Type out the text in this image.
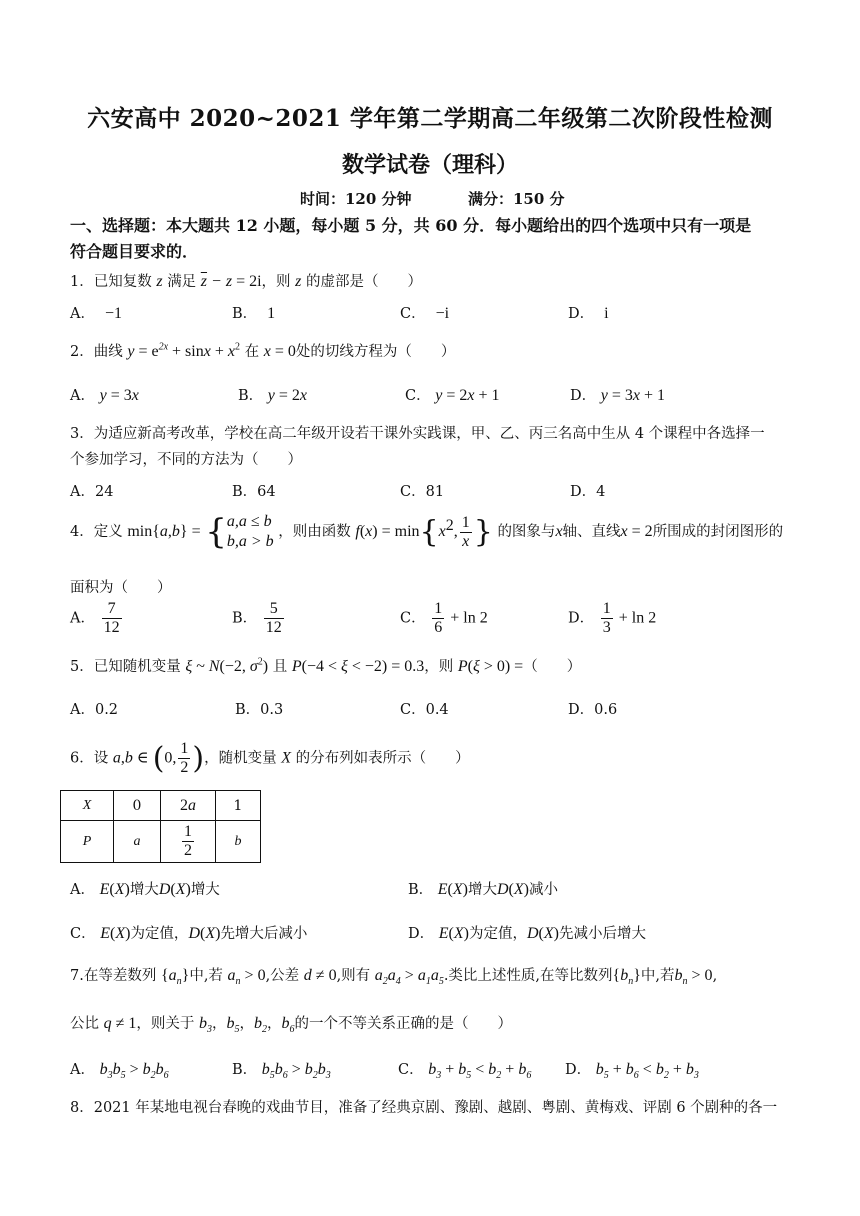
六安高中 2020~2021 学年第二学期高二年级第二次阶段性检测
数学试卷（理科）
时间：120 分钟	满分：150 分
一、选择题：本大题共 12 小题，每小题 5 分，共 60 分．每小题给出的四个选项中只有一项是
符合题目要求的．
1．已知复数 z 满足 $\overline{z} - z = 2i$，则 z 的虚部是（　　）
A． −1	B． 1	C． −i	D． i
2．曲线 $y = e^{2x} + \sin x + x^2$ 在 x = 0处的切线方程为（　　）
A． y = 3x	B． y = 2x	C． y = 2x + 1	D． y = 3x + 1
3．为适应新高考改革，学校在高二年级开设若干课外实践课，甲、乙、丙三名高中生从 4 个课程中各选择一
个参加学习，不同的方法为（　　）
A．24	B．64	C．81	D．4
4．定义 min{a,b} = {a,a ≤ b
b,a > b ，则由函数 $f(x) = \min\{x^2$, $\frac{1}{x}$ } 的图象与x轴、直线x = 2所围成的封闭图形的
面积为（　　）
A． $\frac{7}{12}$	B． $\frac{5}{12}$	C． $\frac{1}{6} + \ln 2$	D． $\frac{1}{3} + \ln 2$
5．已知随机变量 ξ ~ N(−2, $\sigma^2$) 且 P(−4 < ξ < −2) = 0.3，则 P(ξ > 0) =（　　）
A．0.2	B．0.3	C．0.4	D．0.6
6．设 a,b ∈ (0, $\frac{1}{2}$ )，随机变量 X 的分布列如表所示（　　）
X	0	2a	1
P	a	$\frac{1}{2}$	b
A． E(X)增大D(X)增大	B． E(X)增大D(X)减小
C． E(X)为定值，D(X)先增大后减小	D． E(X)为定值，D(X)先减小后增大
7.在等差数列 $\{a_n\}$中,若 $a_n > 0$,公差 d ≠ 0,则有 $a_2a_4 > a_1a_5$.类比上述性质,在等比数列$\{b_n\}$中,若$b_n > 0$,
公比 q ≠ 1，则关于 $b_3$，$b_5$，$b_2$，$b_6$的一个不等关系正确的是（　　）
A． $b_3b_5 > b_2b_6$	B． $b_5b_6 > b_2b_3$	C． $b_3 + b_5 < b_2 + b_6$ D． $b_5 + b_6 < b_2 + b_3$
8．2021 年某地电视台春晚的戏曲节目，准备了经典京剧、豫剧、越剧、粤剧、黄梅戏、评剧 6 个剧种的各一
